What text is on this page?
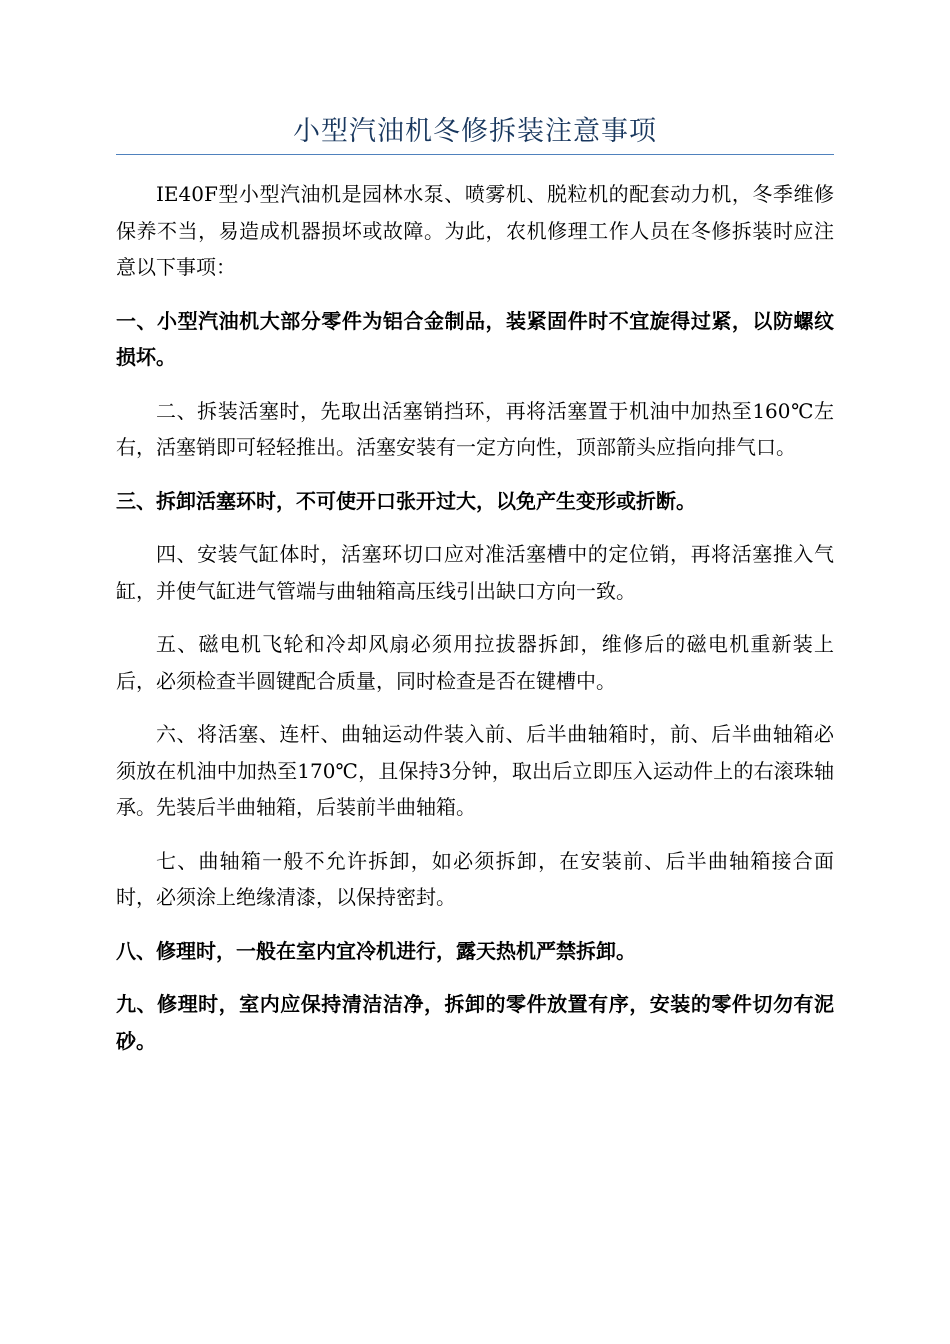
小型汽油机冬修拆装注意事项

IE40F型小型汽油机是园林水泵、喷雾机、脱粒机的配套动力机，冬季维修保养不当，易造成机器损坏或故障。为此，农机修理工作人员在冬修拆装时应注意以下事项：

一、小型汽油机大部分零件为铝合金制品，装紧固件时不宜旋得过紧，以防螺纹损坏。

二、拆装活塞时，先取出活塞销挡环，再将活塞置于机油中加热至160℃左右，活塞销即可轻轻推出。活塞安装有一定方向性，顶部箭头应指向排气口。

三、拆卸活塞环时，不可使开口张开过大，以免产生变形或折断。

四、安装气缸体时，活塞环切口应对准活塞槽中的定位销，再将活塞推入气缸，并使气缸进气管端与曲轴箱高压线引出缺口方向一致。

五、磁电机飞轮和冷却风扇必须用拉拔器拆卸，维修后的磁电机重新装上后，必须检查半圆键配合质量，同时检查是否在键槽中。

六、将活塞、连杆、曲轴运动件装入前、后半曲轴箱时，前、后半曲轴箱必须放在机油中加热至170℃，且保持3分钟，取出后立即压入运动件上的右滚珠轴承。先装后半曲轴箱，后装前半曲轴箱。

七、曲轴箱一般不允许拆卸，如必须拆卸，在安装前、后半曲轴箱接合面时，必须涂上绝缘清漆，以保持密封。

八、修理时，一般在室内宜冷机进行，露天热机严禁拆卸。

九、修理时，室内应保持清洁洁净，拆卸的零件放置有序，安装的零件切勿有泥砂。
